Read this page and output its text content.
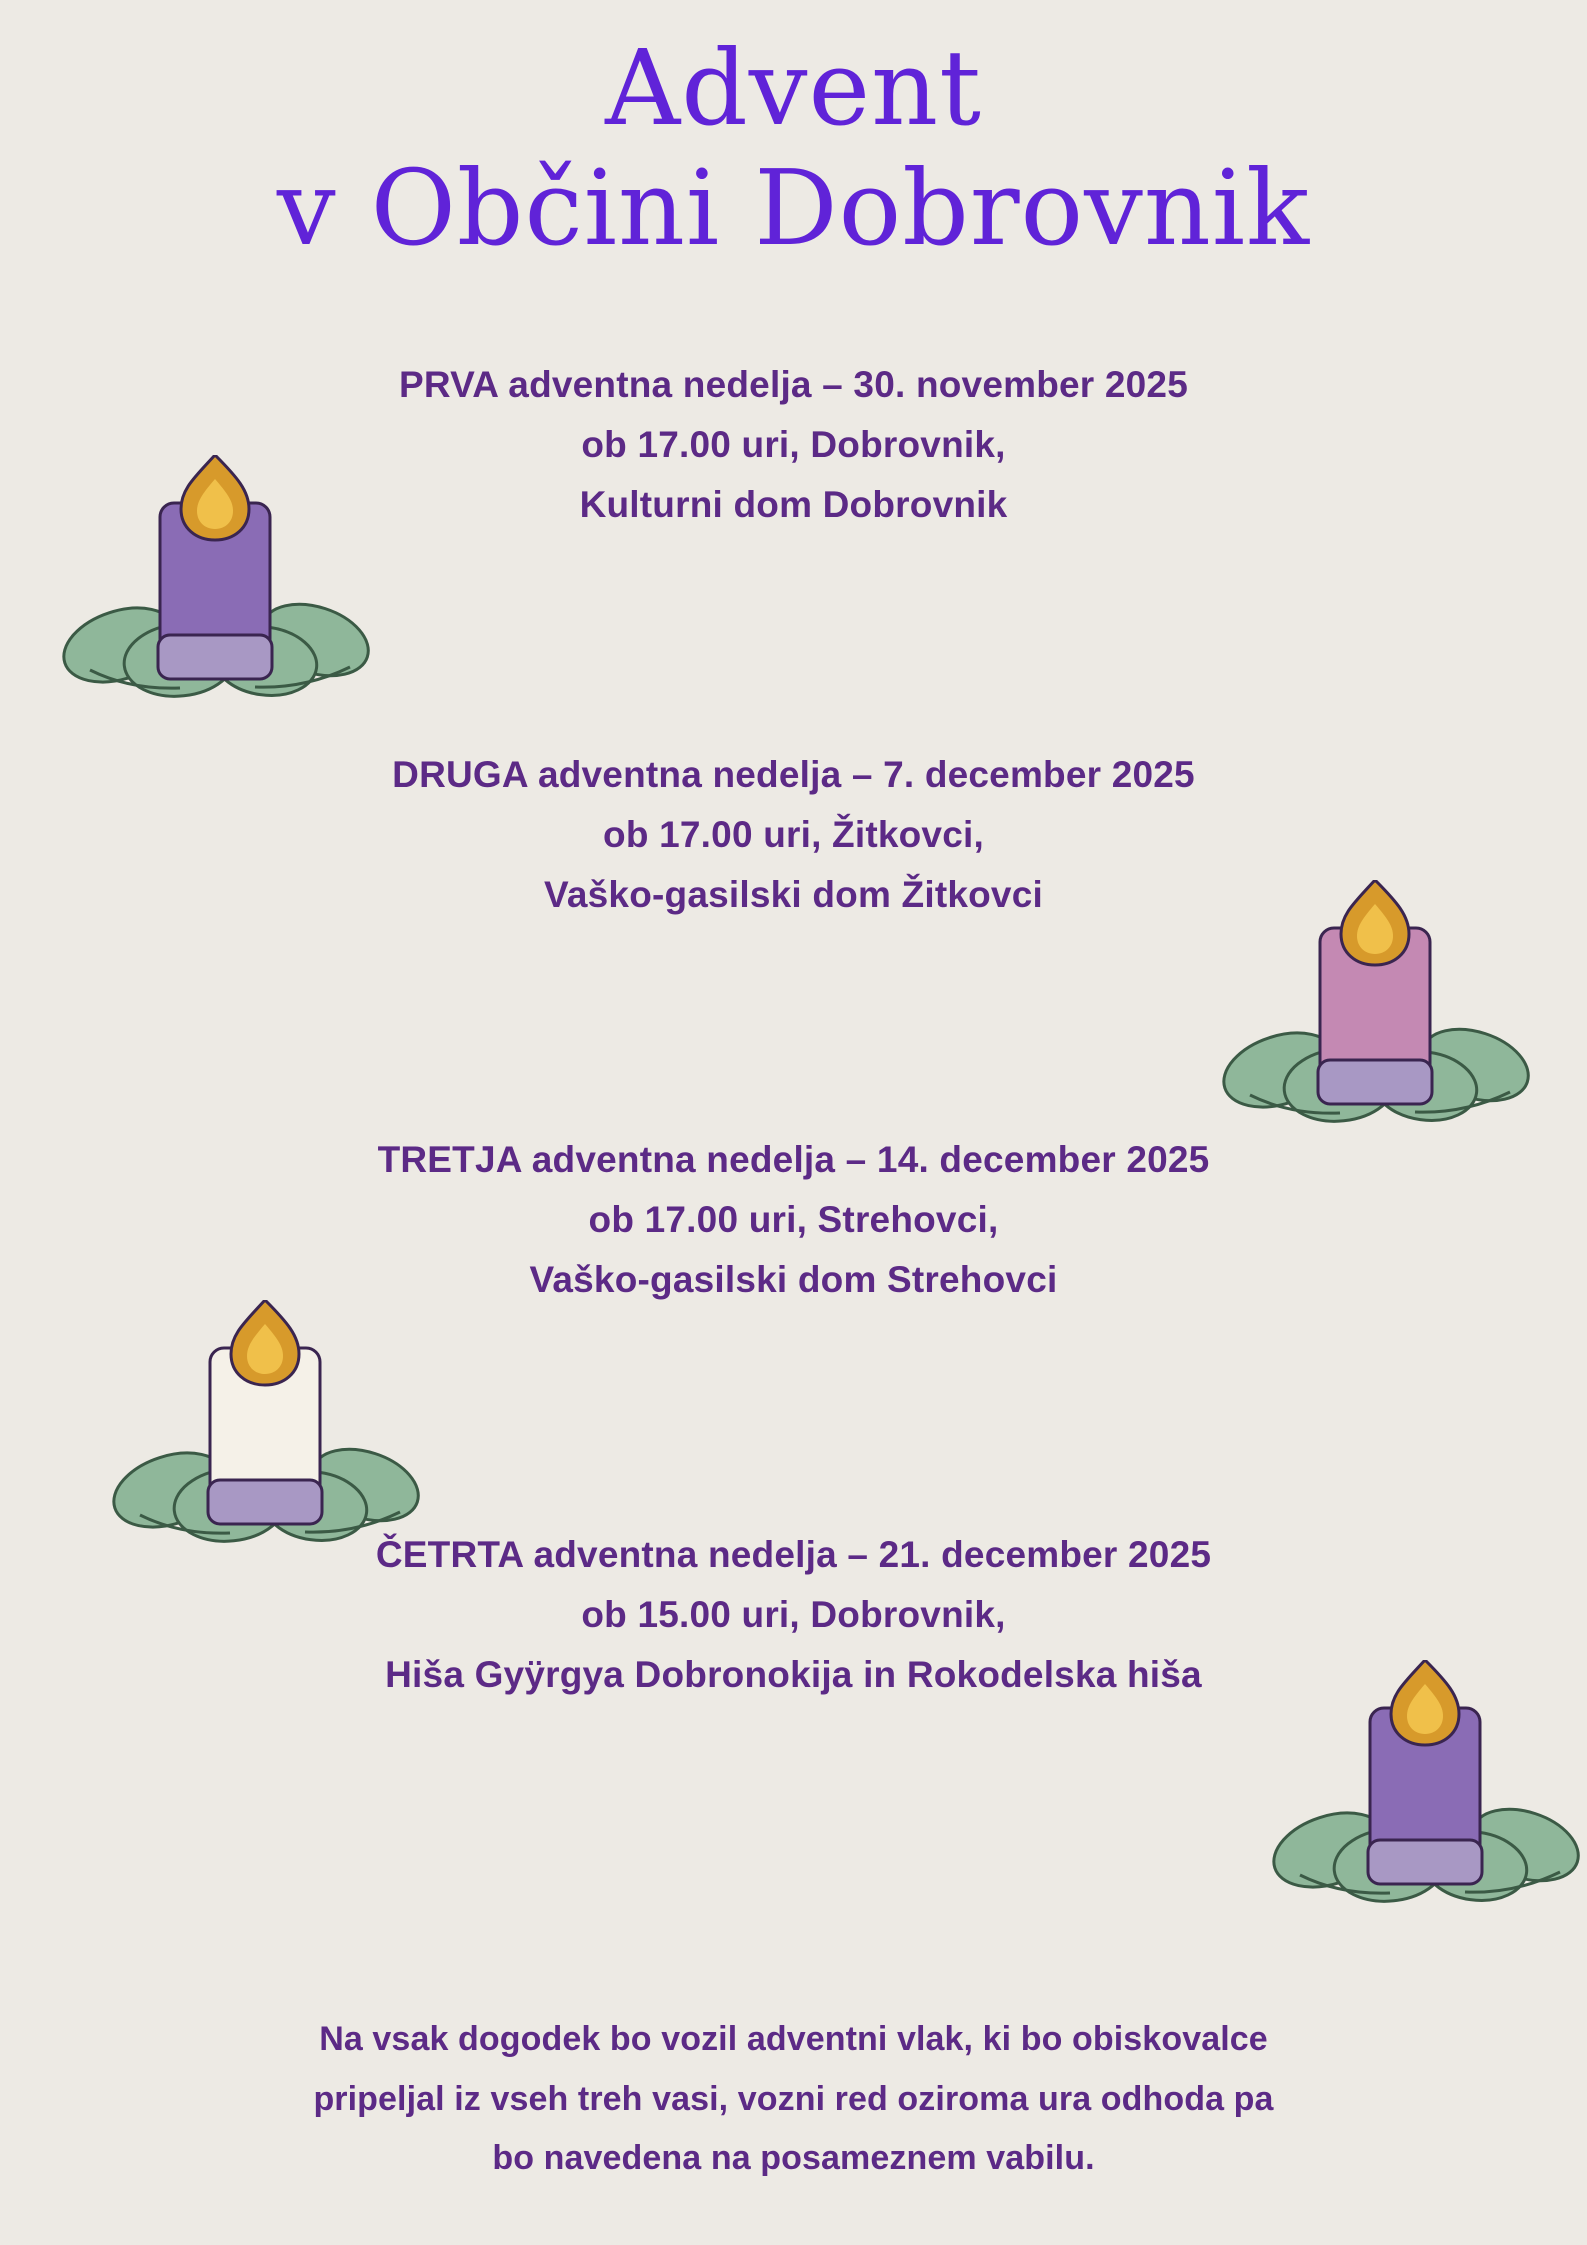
Advent
v Občini Dobrovnik
PRVA adventna nedelja – 30. november 2025
ob 17.00 uri, Dobrovnik,
Kulturni dom Dobrovnik
DRUGA adventna nedelja – 7. december 2025
ob 17.00 uri, Žitkovci,
Vaško-gasilski dom Žitkovci
TRETJA adventna nedelja – 14. december 2025
ob 17.00 uri, Strehovci,
Vaško-gasilski dom Strehovci
ČETRTA adventna nedelja – 21. december 2025
ob 15.00 uri, Dobrovnik,
Hiša Gyÿrgya Dobronokija in Rokodelska hiša
Na vsak dogodek bo vozil adventni vlak, ki bo obiskovalce
pripeljal iz vseh treh vasi, vozni red oziroma ura odhoda pa
bo navedena na posameznem vabilu.
